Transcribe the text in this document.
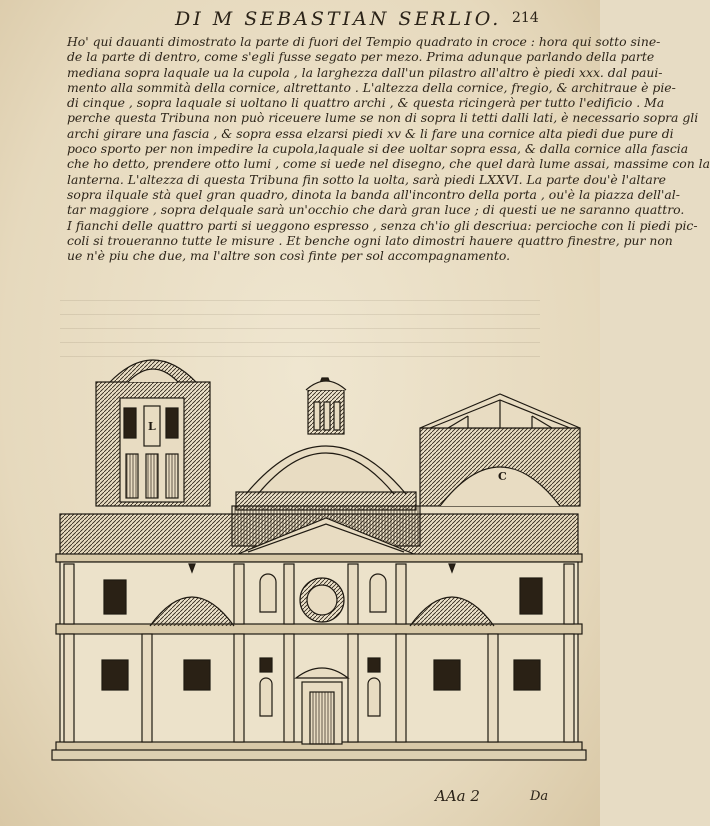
DI M SEBASTIAN SERLIO. 214
Ho' qui dauanti dimostrato la parte di fuori del Tempio quadrato in croce : hora qui sotto sine-
de la parte di dentro, come s'egli fusse segato per mezo. Prima adunque parlando della parte
mediana sopra laquale ua la cupola , la larghezza dall'un pilastro all'altro è piedi xxx. dal paui-
mento alla sommità della cornice, altrettanto . L'altezza della cornice, fregio, & architraue è pie-
di cinque , sopra laquale si uoltano li quattro archi , & questa ricingerà per tutto l'edificio . Ma
perche questa Tribuna non può riceuere lume se non di sopra li tetti dalli lati, è necessario sopra gli
archi girare una fascia , & sopra essa elzarsi piedi xv & li fare una cornice alta piedi due pure di
poco sporto per non impedire la cupola,laquale si dee uoltar sopra essa, & dalla cornice alla fascia
che ho detto, prendere otto lumi , come si uede nel disegno, che quel darà lume assai, massime con la
lanterna. L'altezza di questa Tribuna fin sotto la uolta, sarà piedi LXXVI. La parte dou'è l'altare
sopra ilquale stà quel gran quadro, dinota la banda all'incontro della porta , ou'è la piazza dell'al-
tar maggiore , sopra delquale sarà un'occhio che darà gran luce ; di questi ue ne saranno quattro.
I fianchi delle quattro parti si ueggono espresso , senza ch'io gli descriua: percioche con li piedi pic-
coli si troueranno tutte le misure . Et benche ogni lato dimostri hauere quattro finestre, pur non
ue n'è piu che due, ma l'altre son così finte per sol accompagnamento.
L
C
AAa 2	Da
